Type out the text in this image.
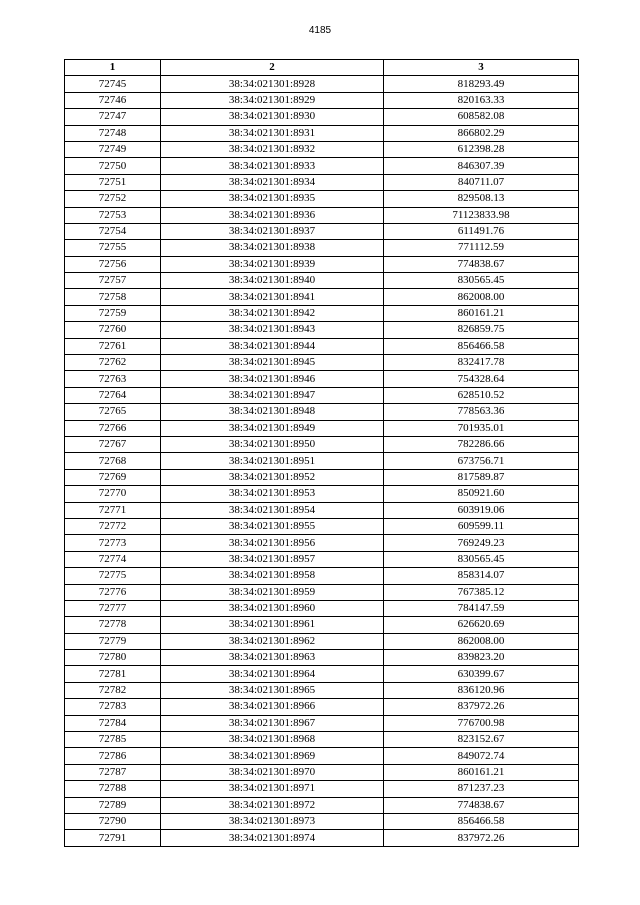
4185
1	2	3
72745	38:34:021301:8928	818293.49
72746	38:34:021301:8929	820163.33
72747	38:34:021301:8930	608582.08
72748	38:34:021301:8931	866802.29
72749	38:34:021301:8932	612398.28
72750	38:34:021301:8933	846307.39
72751	38:34:021301:8934	840711.07
72752	38:34:021301:8935	829508.13
72753	38:34:021301:8936	71123833.98
72754	38:34:021301:8937	611491.76
72755	38:34:021301:8938	771112.59
72756	38:34:021301:8939	774838.67
72757	38:34:021301:8940	830565.45
72758	38:34:021301:8941	862008.00
72759	38:34:021301:8942	860161.21
72760	38:34:021301:8943	826859.75
72761	38:34:021301:8944	856466.58
72762	38:34:021301:8945	832417.78
72763	38:34:021301:8946	754328.64
72764	38:34:021301:8947	628510.52
72765	38:34:021301:8948	778563.36
72766	38:34:021301:8949	701935.01
72767	38:34:021301:8950	782286.66
72768	38:34:021301:8951	673756.71
72769	38:34:021301:8952	817589.87
72770	38:34:021301:8953	850921.60
72771	38:34:021301:8954	603919.06
72772	38:34:021301:8955	609599.11
72773	38:34:021301:8956	769249.23
72774	38:34:021301:8957	830565.45
72775	38:34:021301:8958	858314.07
72776	38:34:021301:8959	767385.12
72777	38:34:021301:8960	784147.59
72778	38:34:021301:8961	626620.69
72779	38:34:021301:8962	862008.00
72780	38:34:021301:8963	839823.20
72781	38:34:021301:8964	630399.67
72782	38:34:021301:8965	836120.96
72783	38:34:021301:8966	837972.26
72784	38:34:021301:8967	776700.98
72785	38:34:021301:8968	823152.67
72786	38:34:021301:8969	849072.74
72787	38:34:021301:8970	860161.21
72788	38:34:021301:8971	871237.23
72789	38:34:021301:8972	774838.67
72790	38:34:021301:8973	856466.58
72791	38:34:021301:8974	837972.26
